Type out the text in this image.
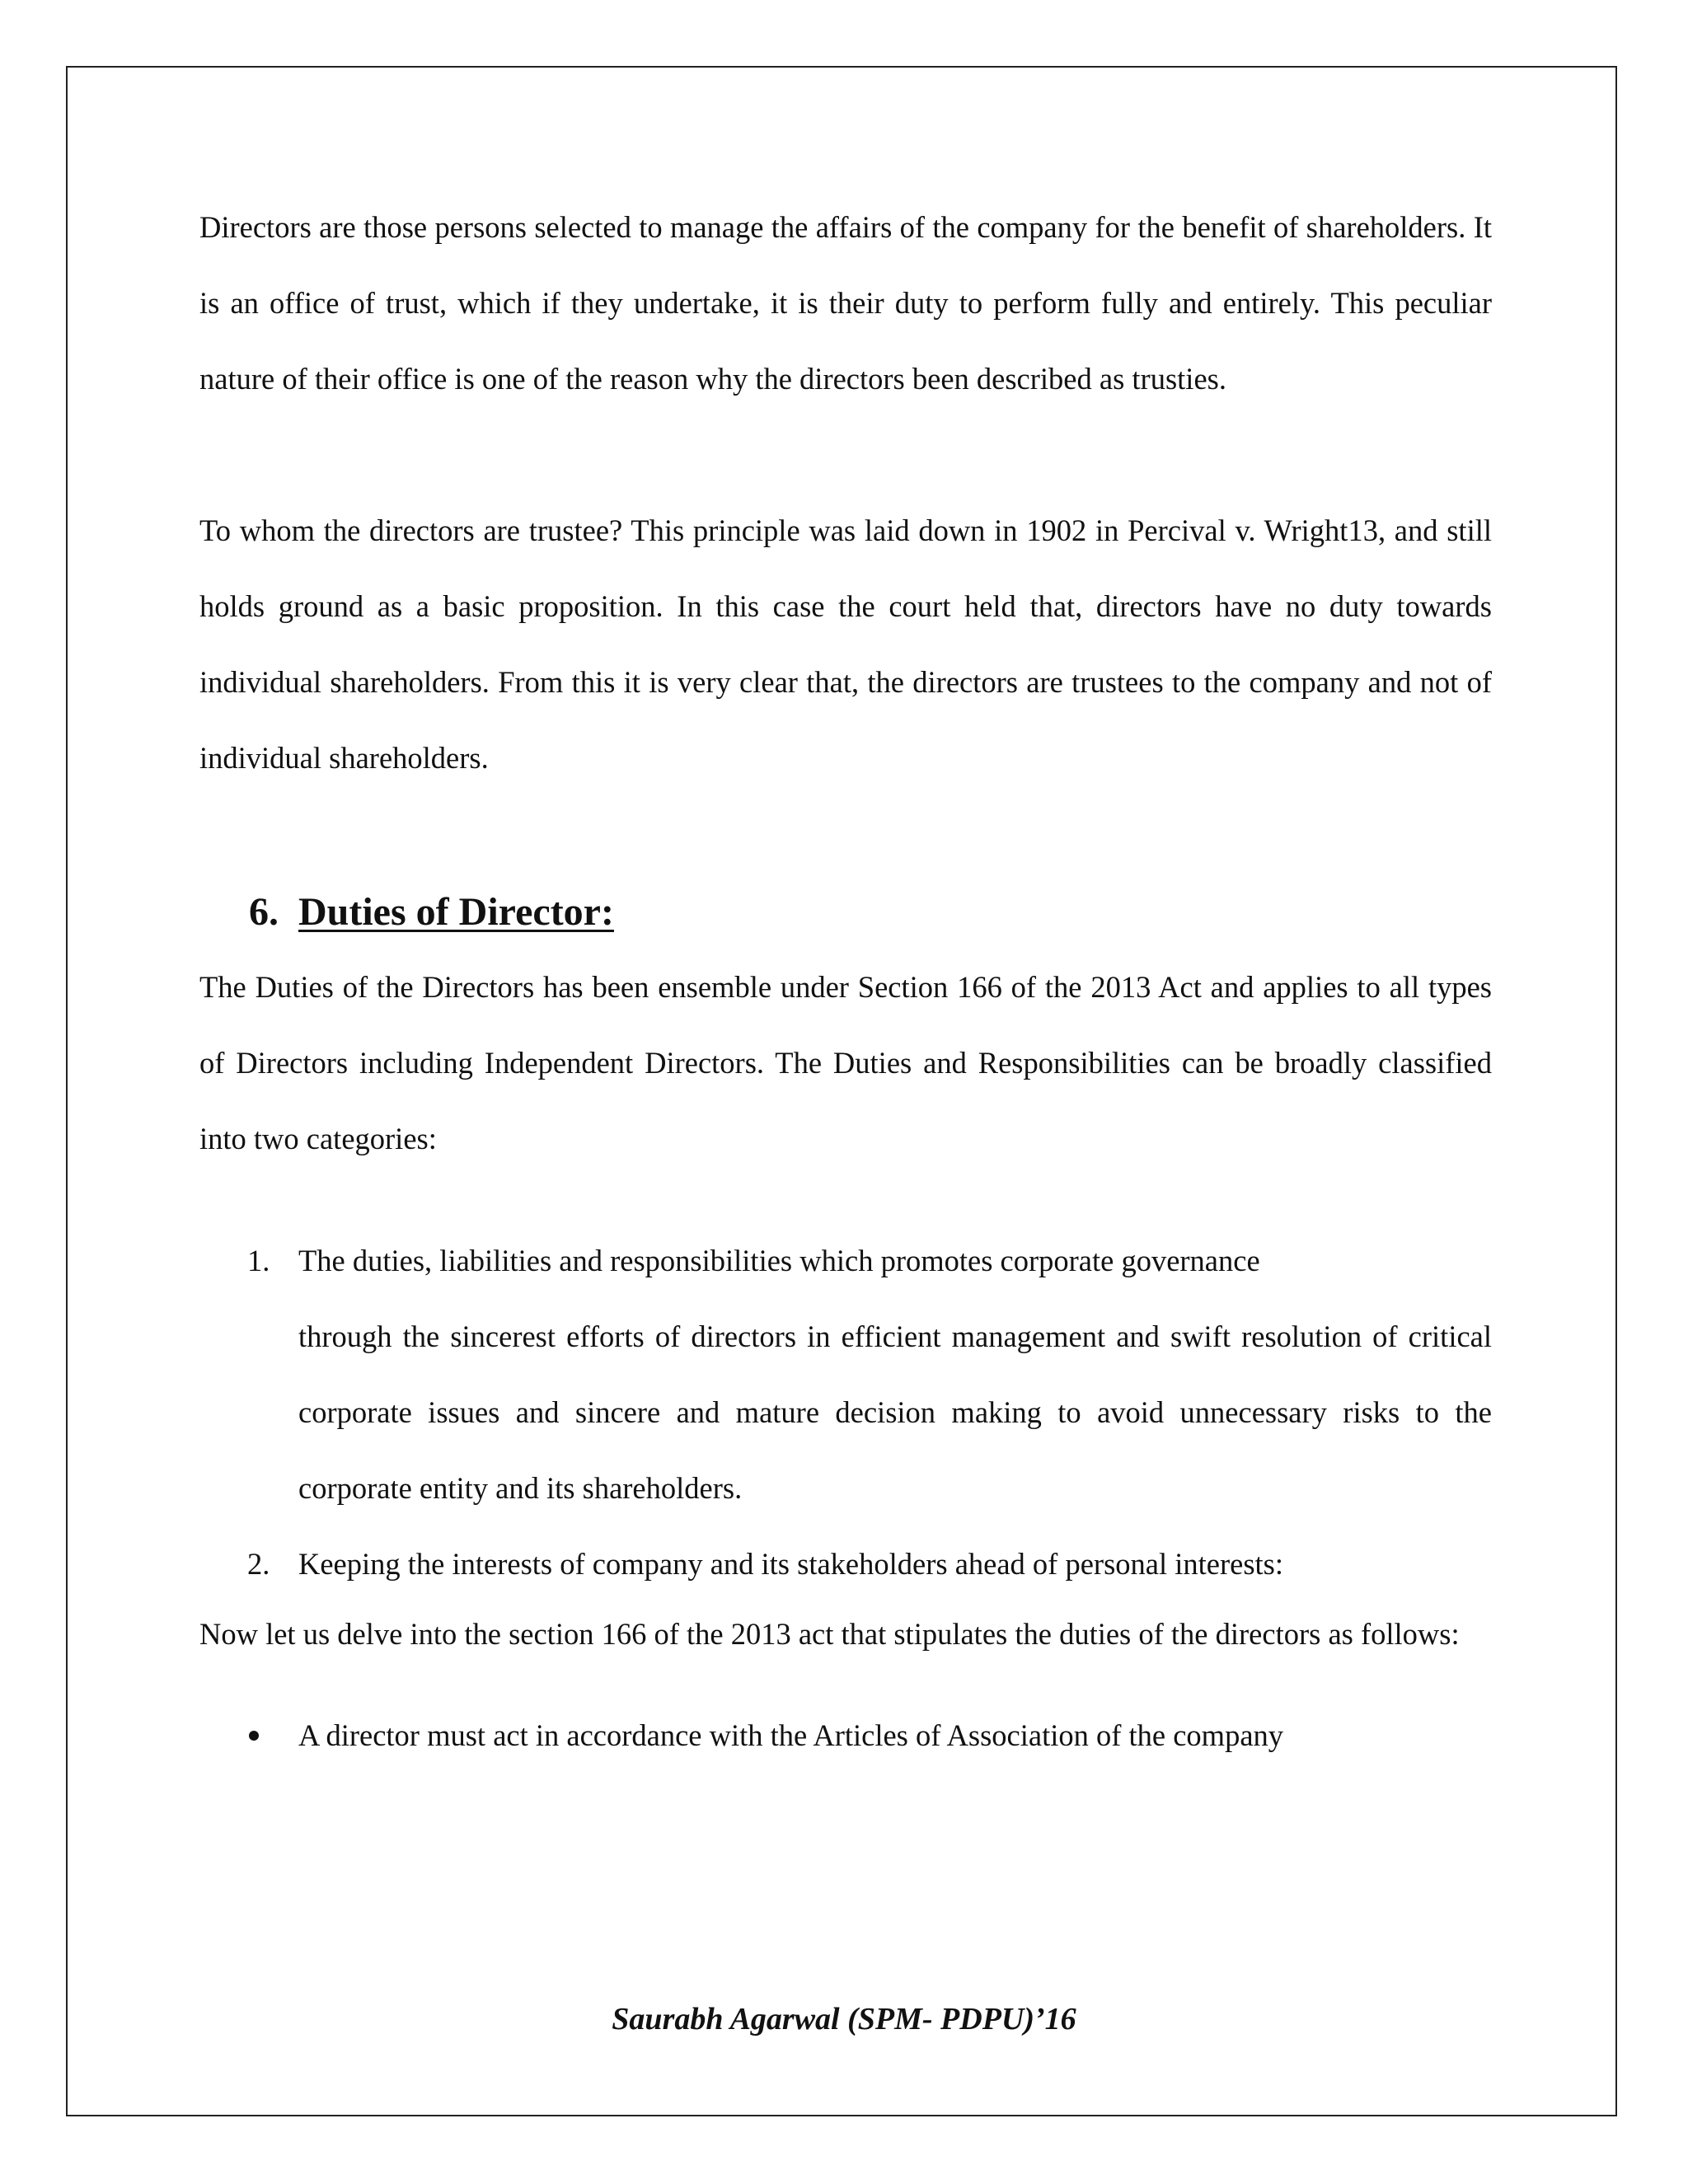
Directors are those persons selected to manage the affairs of the company for the benefit of shareholders. It is an office of trust, which if they undertake, it is their duty to perform fully and entirely. This peculiar nature of their office is one of the reason why the directors been described as trusties.

To whom the directors are trustee? This principle was laid down in 1902 in Percival v. Wright13, and still holds ground as a basic proposition. In this case the court held that, directors have no duty towards individual shareholders. From this it is very clear that, the directors are trustees to the company and not of individual shareholders.

6. Duties of Director:

The Duties of the Directors has been ensemble under Section 166 of the 2013 Act and applies to all types of Directors including Independent Directors. The Duties and Responsibilities can be broadly classified into two categories:

1. The duties, liabilities and responsibilities which promotes corporate governance
through the sincerest efforts of directors in efficient management and swift resolution of critical corporate issues and sincere and mature decision making to avoid unnecessary risks to the corporate entity and its shareholders.
2. Keeping the interests of company and its stakeholders ahead of personal interests:

Now let us delve into the section 166 of the 2013 act that stipulates the duties of the directors as follows:

A director must act in accordance with the Articles of Association of the company
Saurabh Agarwal (SPM- PDPU)’16
